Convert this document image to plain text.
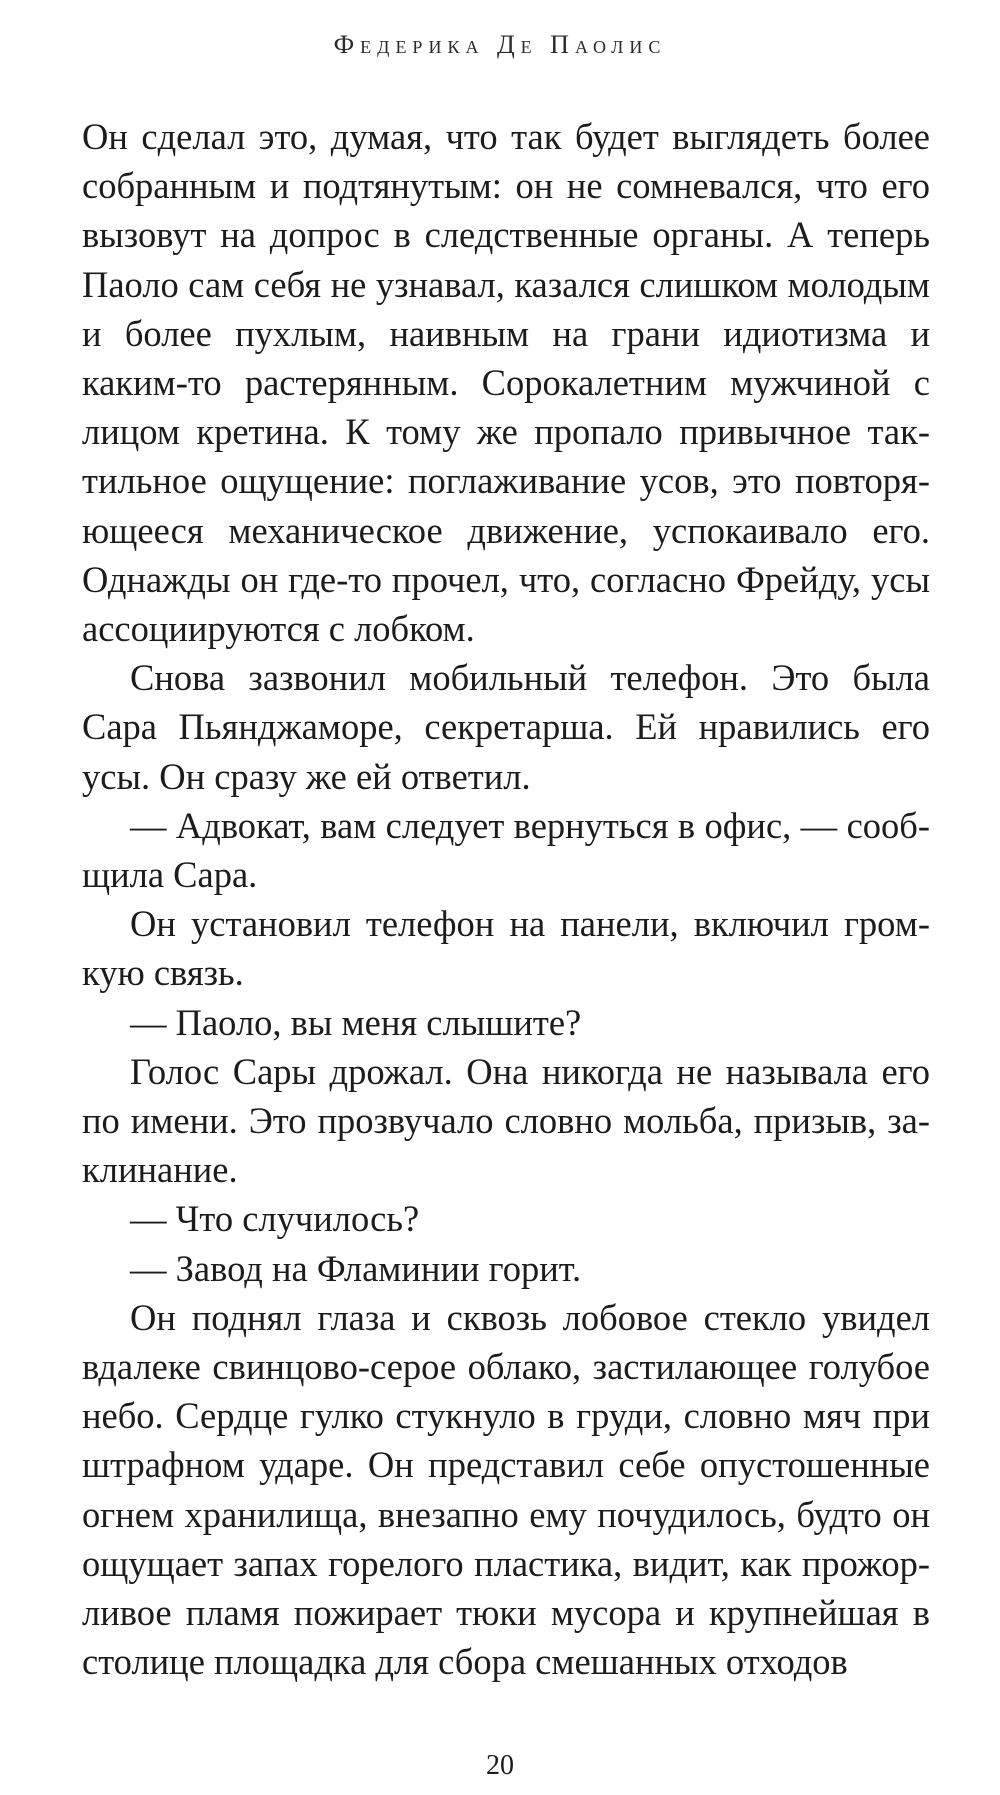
Федерика Де Паолис

Он сделал это, думая, что так будет выглядеть более собранным и подтянутым: он не сомневался, что его вызовут на допрос в следственные органы. А теперь Паоло сам себя не узнавал, казался слишком молодым и более пухлым, наивным на грани идиотизма и каким-то растерянным. Сорокалетним мужчиной с лицом кретина. К тому же пропало привычное тактильное ощущение: поглаживание усов, это повторяющееся механическое движение, успокаивало его. Однажды он где-то прочел, что, согласно Фрейду, усы ассоциируются с лобком.

Снова зазвонил мобильный телефон. Это была Сара Пьянджаморе, секретарша. Ей нравились его усы. Он сразу же ей ответил.

— Адвокат, вам следует вернуться в офис, — сообщила Сара.

Он установил телефон на панели, включил громкую связь.

— Паоло, вы меня слышите?

Голос Сары дрожал. Она никогда не называла его по имени. Это прозвучало словно мольба, призыв, заклинание.

— Что случилось?

— Завод на Фламинии горит.

Он поднял глаза и сквозь лобовое стекло увидел вдалеке свинцово-серое облако, застилающее голубое небо. Сердце гулко стукнуло в груди, словно мяч при штрафном ударе. Он представил себе опустошенные огнем хранилища, внезапно ему почудилось, будто он ощущает запах горелого пластика, видит, как прожорливое пламя пожирает тюки мусора и крупнейшая в столице площадка для сбора смешанных отходов

20
